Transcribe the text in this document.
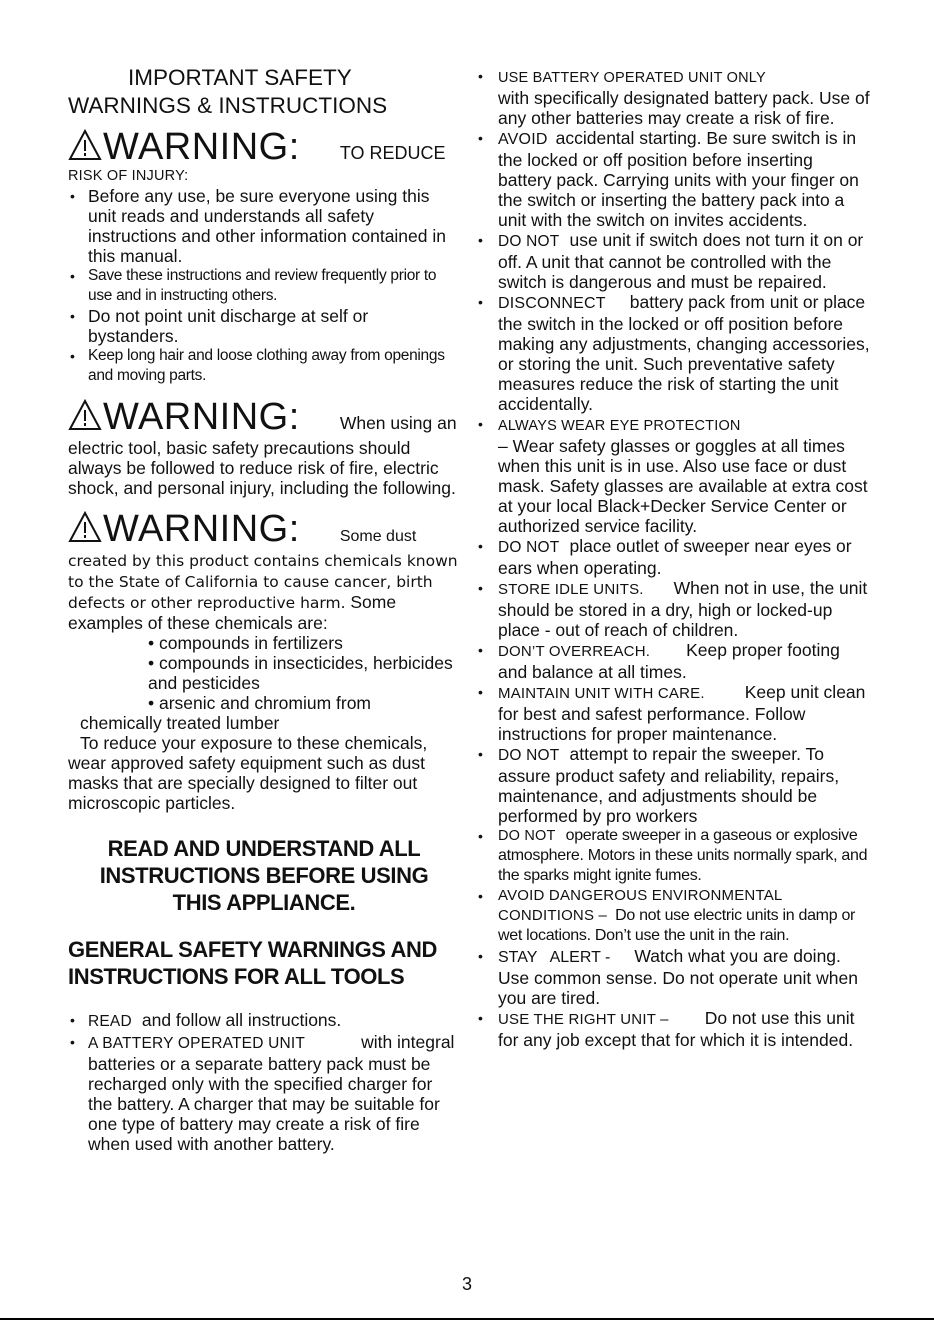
IMPORTANT SAFETY
WARNINGS & INSTRUCTIONS
WARNING: TO REDUCE
RISK OF INJURY:
• Before any use, be sure everyone using this unit reads and understands all safety instructions and other information contained in this manual.
• Save these instructions and review frequently prior to use and in instructing others.
• Do not point unit discharge at self or bystanders.
• Keep long hair and loose clothing away from openings and moving parts.
WARNING: When using an
electric tool, basic safety precautions should always be followed to reduce risk of fire, electric shock, and personal injury, including the following.
WARNING:	Some dust
created by this product contains chemicals known to the State of California to cause cancer, birth defects or other reproductive harm. Some examples of these chemicals are:
• compounds in fertilizers
• compounds in insecticides, herbicides and pesticides
• arsenic and chromium from
chemically treated lumber
To reduce your exposure to these chemicals, wear approved safety equipment such as dust masks that are specially designed to filter out microscopic particles.
READ AND UNDERSTAND ALL
INSTRUCTIONS BEFORE USING
THIS APPLIANCE.
GENERAL SAFETY WARNINGS AND
INSTRUCTIONS FOR ALL TOOLS
• READ and follow all instructions.
• A BATTERY OPERATED UNIT	with integral batteries or a separate battery pack must be recharged only with the specified charger for the battery. A charger that may be suitable for one type of battery may create a risk of fire when used with another battery.
• USE BATTERY OPERATED UNIT ONLY
with specifically designated battery pack. Use of any other batteries may create a risk of fire.
• AVOID accidental starting. Be sure switch is in the locked or off position before inserting battery pack. Carrying units with your finger on the switch or inserting the battery pack into a unit with the switch on invites accidents.
• DO NOT use unit if switch does not turn it on or off. A unit that cannot be controlled with the switch is dangerous and must be repaired.
• DISCONNECT battery pack from unit or place the switch in the locked or off position before making any adjustments, changing accessories, or storing the unit. Such preventative safety measures reduce the risk of starting the unit accidentally.
• ALWAYS WEAR EYE PROTECTION
– Wear safety glasses or goggles at all times when this unit is in use. Also use face or dust mask. Safety glasses are available at extra cost at your local Black+Decker Service Center or authorized service facility.
• DO NOT place outlet of sweeper near eyes or ears when operating.
• STORE IDLE UNITS. When not in use, the unit should be stored in a dry, high or locked-up place - out of reach of children.
• DON’T OVERREACH. Keep proper footing and balance at all times.
• MAINTAIN UNIT WITH CARE. Keep unit clean for best and safest performance. Follow instructions for proper maintenance.
• DO NOT attempt to repair the sweeper. To assure product safety and reliability, repairs, maintenance, and adjustments should be performed by pro workers
• DO NOT operate sweeper in a gaseous or explosive atmosphere. Motors in these units normally spark, and the sparks might ignite fumes.
• AVOID DANGEROUS ENVIRONMENTAL CONDITIONS – Do not use electric units in damp or wet locations. Don’t use the unit in the rain.
• STAY   ALERT - Watch what you are doing. Use common sense. Do not operate unit when you are tired.
• USE THE RIGHT UNIT – Do not use this unit for any job except that for which it is intended.
3
